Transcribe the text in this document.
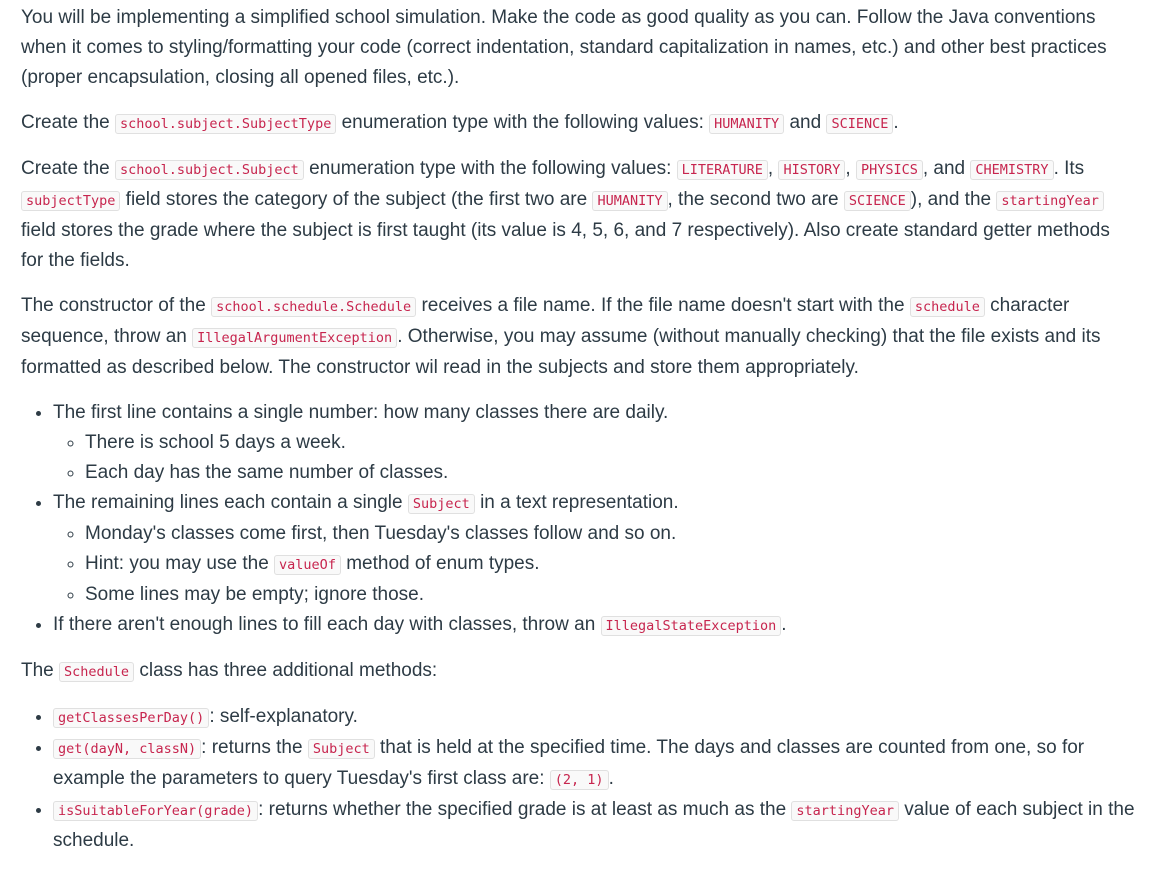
You will be implementing a simplified school simulation. Make the code as good quality as you can. Follow the Java conventions when it comes to styling/formatting your code (correct indentation, standard capitalization in names, etc.) and other best practices (proper encapsulation, closing all opened files, etc.).

Create the school.subject.SubjectType enumeration type with the following values: HUMANITY and SCIENCE .

Create the school.subject.Subject enumeration type with the following values: LITERATURE , HISTORY , PHYSICS , and CHEMISTRY . Its subjectType field stores the category of the subject (the first two are HUMANITY , the second two are SCIENCE ), and the startingYear field stores the grade where the subject is first taught (its value is 4, 5, 6, and 7 respectively). Also create standard getter methods for the fields.

The constructor of the school.schedule.Schedule receives a file name. If the file name doesn't start with the schedule character sequence, throw an IllegalArgumentException . Otherwise, you may assume (without manually checking) that the file exists and its formatted as described below. The constructor wil read in the subjects and store them appropriately.

• The first line contains a single number: how many classes there are daily.
◦ There is school 5 days a week.
◦ Each day has the same number of classes.
• The remaining lines each contain a single Subject in a text representation.
◦ Monday's classes come first, then Tuesday's classes follow and so on.
◦ Hint: you may use the valueOf method of enum types.
◦ Some lines may be empty; ignore those.
• If there aren't enough lines to fill each day with classes, throw an IllegalStateException .

The Schedule class has three additional methods:

• getClassesPerDay() : self-explanatory.
• get(dayN, classN) : returns the Subject that is held at the specified time. The days and classes are counted from one, so for example the parameters to query Tuesday's first class are: (2, 1) .
• isSuitableForYear(grade) : returns whether the specified grade is at least as much as the startingYear value of each subject in the schedule.
